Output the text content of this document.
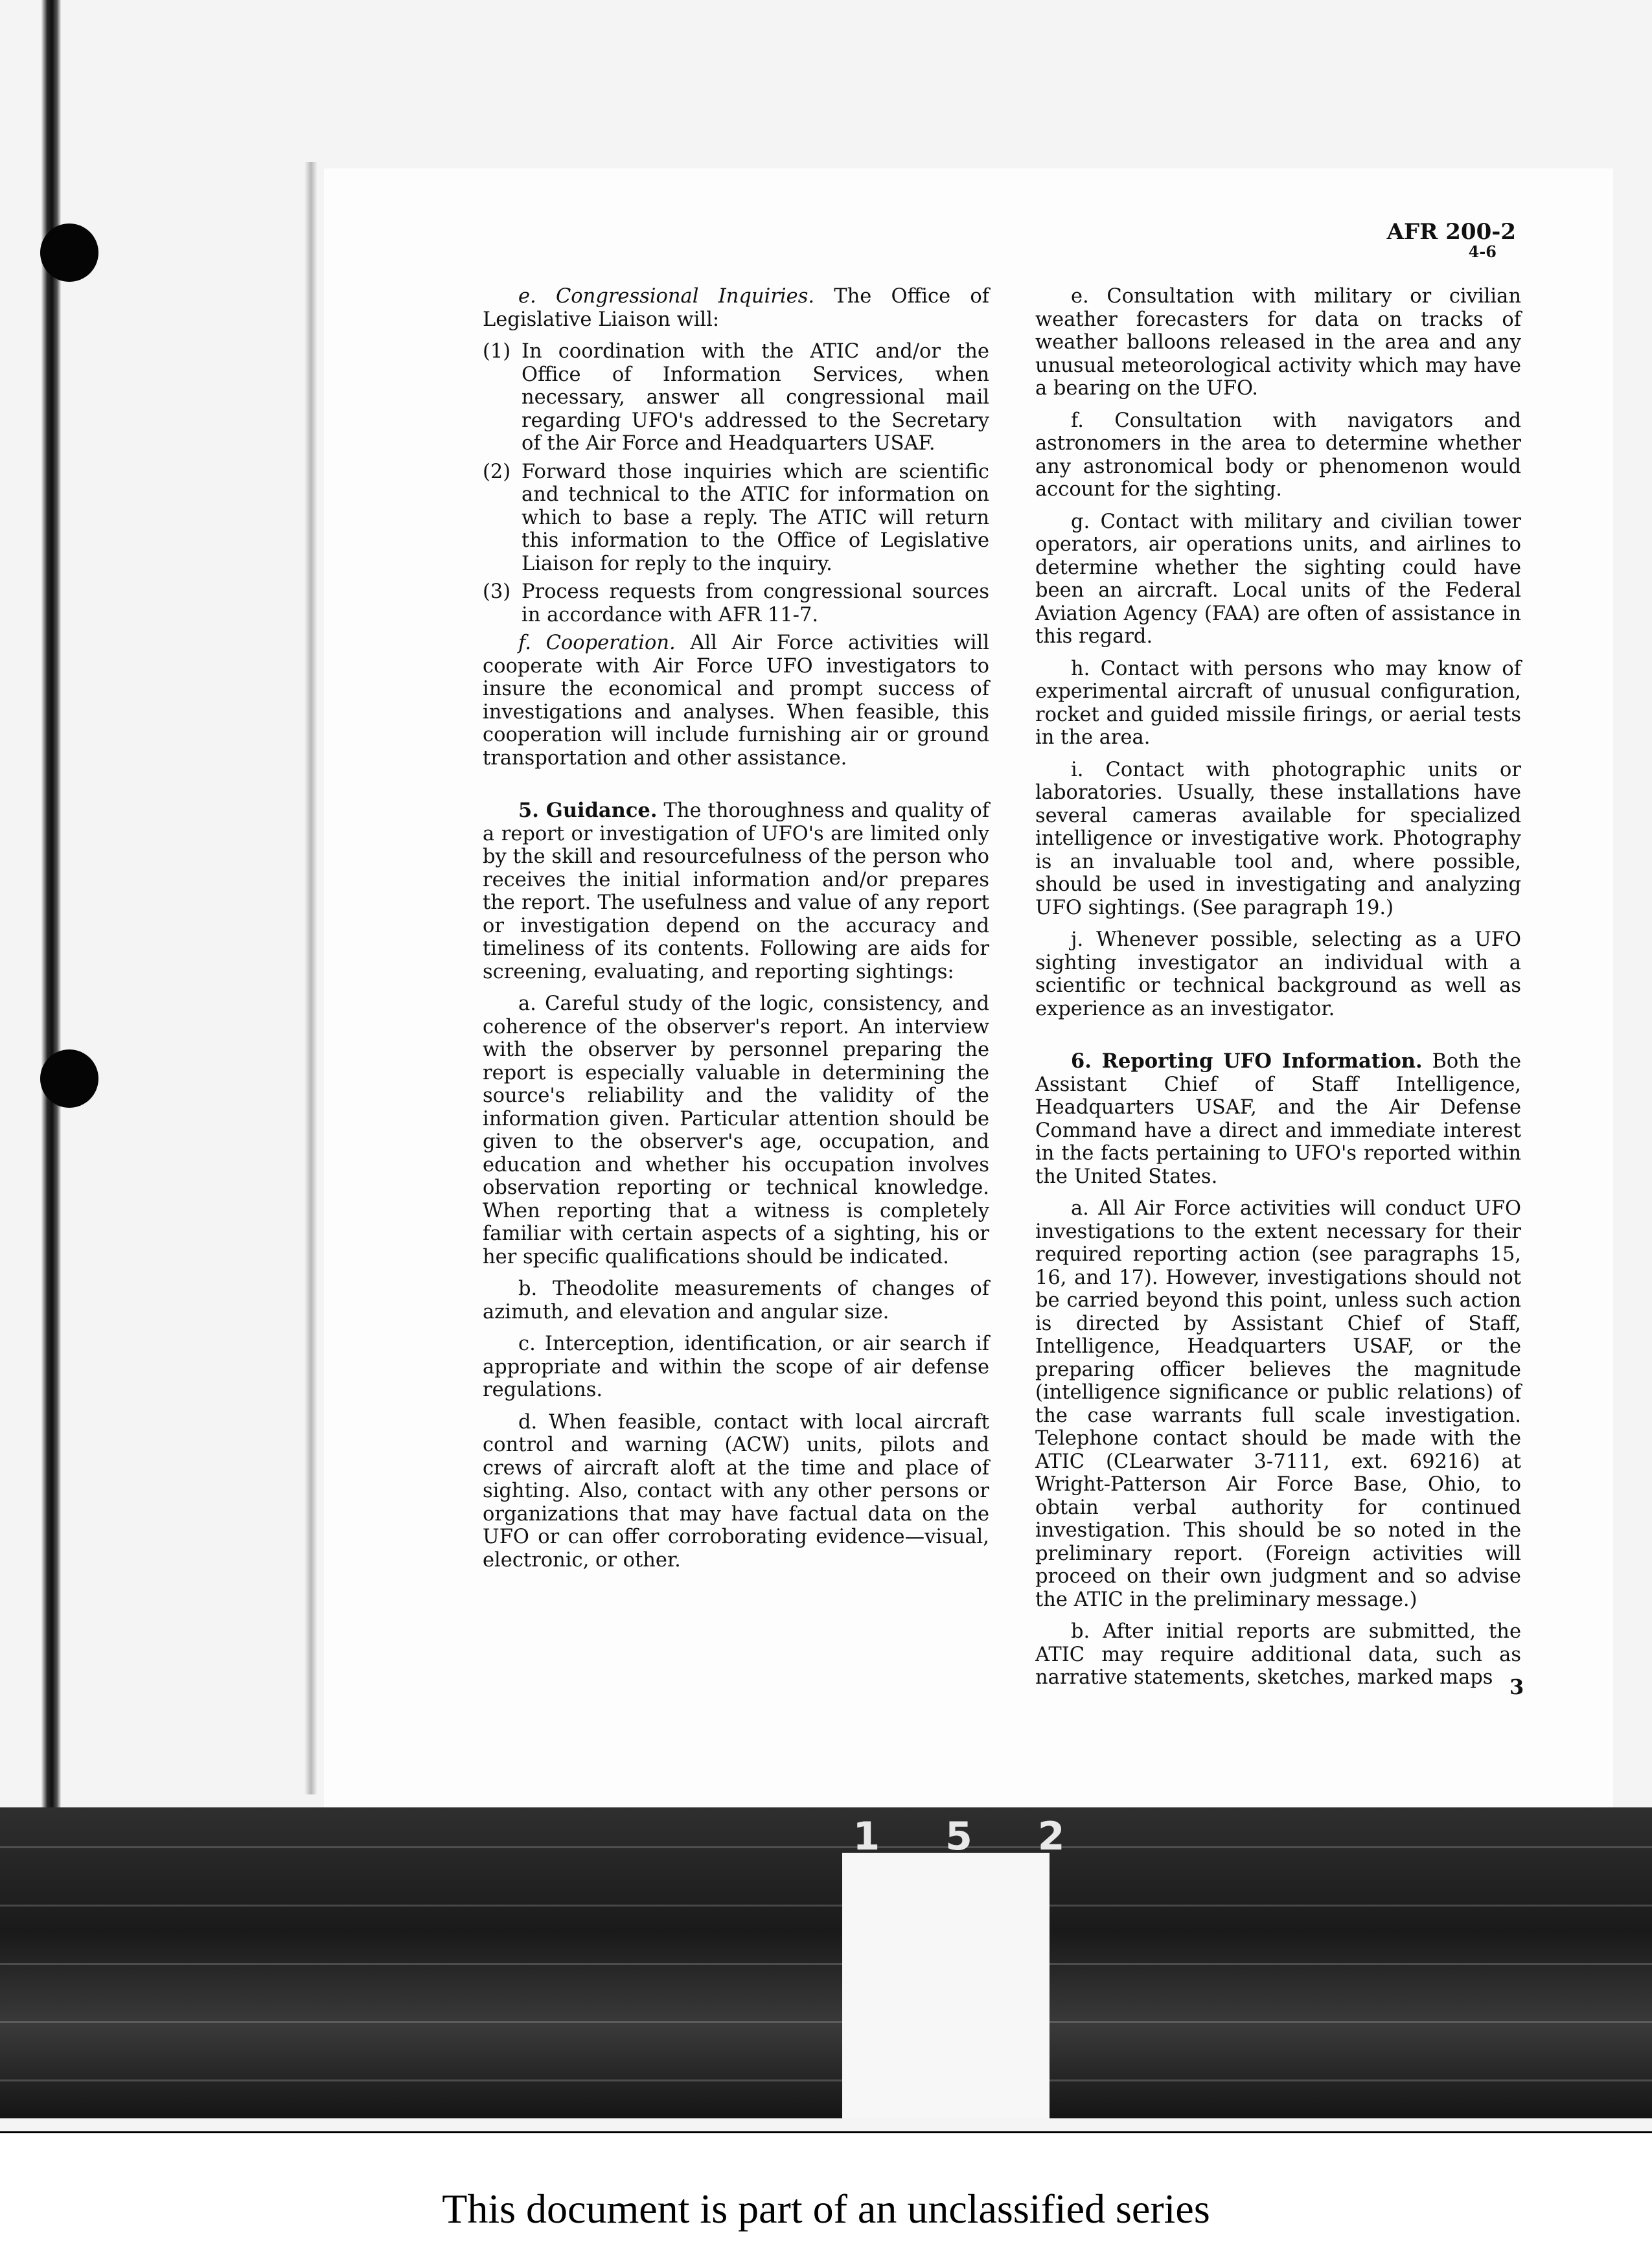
1 5 2
AFR 200-2
4-6

e. Congressional Inquiries. The Office of Legislative Liaison will:

(1) In coordination with the ATIC and/or the Office of Information Services, when necessary, answer all congressional mail regarding UFO's addressed to the Secretary of the Air Force and Headquarters USAF.
(2) Forward those inquiries which are scientific and technical to the ATIC for information on which to base a reply. The ATIC will return this information to the Office of Legislative Liaison for reply to the inquiry.
(3) Process requests from congressional sources in accordance with AFR 11-7.

f. Cooperation. All Air Force activities will cooperate with Air Force UFO investigators to insure the economical and prompt success of investigations and analyses. When feasible, this cooperation will include furnishing air or ground transportation and other assistance.

5. Guidance. The thoroughness and quality of a report or investigation of UFO's are limited only by the skill and resourcefulness of the person who receives the initial information and/or prepares the report. The usefulness and value of any report or investigation depend on the accuracy and timeliness of its contents. Following are aids for screening, evaluating, and reporting sightings:

a. Careful study of the logic, consistency, and coherence of the observer's report. An interview with the observer by personnel preparing the report is especially valuable in determining the source's reliability and the validity of the information given. Particular attention should be given to the observer's age, occupation, and education and whether his occupation involves observation reporting or technical knowledge. When reporting that a witness is completely familiar with certain aspects of a sighting, his or her specific qualifications should be indicated.

b. Theodolite measurements of changes of azimuth, and elevation and angular size.

c. Interception, identification, or air search if appropriate and within the scope of air defense regulations.

d. When feasible, contact with local aircraft control and warning (ACW) units, pilots and crews of aircraft aloft at the time and place of sighting. Also, contact with any other persons or organizations that may have factual data on the UFO or can offer corroborating evidence—visual, electronic, or other.

e. Consultation with military or civilian weather forecasters for data on tracks of weather balloons released in the area and any unusual meteorological activity which may have a bearing on the UFO.

f. Consultation with navigators and astronomers in the area to determine whether any astronomical body or phenomenon would account for the sighting.

g. Contact with military and civilian tower operators, air operations units, and airlines to determine whether the sighting could have been an aircraft. Local units of the Federal Aviation Agency (FAA) are often of assistance in this regard.

h. Contact with persons who may know of experimental aircraft of unusual configuration, rocket and guided missile firings, or aerial tests in the area.

i. Contact with photographic units or laboratories. Usually, these installations have several cameras available for specialized intelligence or investigative work. Photography is an invaluable tool and, where possible, should be used in investigating and analyzing UFO sightings. (See paragraph 19.)

j. Whenever possible, selecting as a UFO sighting investigator an individual with a scientific or technical background as well as experience as an investigator.

6. Reporting UFO Information. Both the Assistant Chief of Staff Intelligence, Headquarters USAF, and the Air Defense Command have a direct and immediate interest in the facts pertaining to UFO's reported within the United States.

a. All Air Force activities will conduct UFO investigations to the extent necessary for their required reporting action (see paragraphs 15, 16, and 17). However, investigations should not be carried beyond this point, unless such action is directed by Assistant Chief of Staff, Intelligence, Headquarters USAF, or the preparing officer believes the magnitude (intelligence significance or public relations) of the case warrants full scale investigation. Telephone contact should be made with the ATIC (CLearwater 3-7111, ext. 69216) at Wright-Patterson Air Force Base, Ohio, to obtain verbal authority for continued investigation. This should be so noted in the preliminary report. (Foreign activities will proceed on their own judgment and so advise the ATIC in the preliminary message.)

b. After initial reports are submitted, the ATIC may require additional data, such as narrative statements, sketches, marked maps 3
This document is part of an unclassified series
